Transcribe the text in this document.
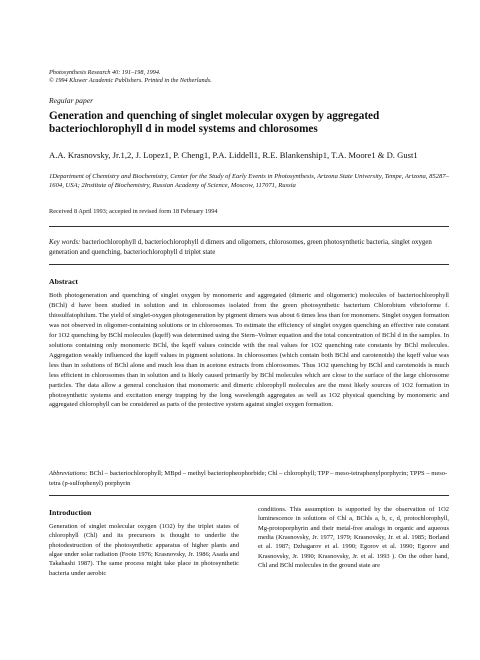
Photosynthesis Research 40: 191–198, 1994.
© 1994 Kluwer Academic Publishers. Printed in the Netherlands.
Regular paper
Generation and quenching of singlet molecular oxygen by aggregated bacteriochlorophyll d in model systems and chlorosomes
A.A. Krasnovsky, Jr.1,2, J. Lopez1, P. Cheng1, P.A. Liddell1, R.E. Blankenship1, T.A. Moore1 & D. Gust1
1Department of Chemistry and Biochemistry, Center for the Study of Early Events in Photosynthesis, Arizona State University, Tempe, Arizona, 85287–1604, USA; 2Institute of Biochemistry, Russian Academy of Science, Moscow, 117071, Russia
Received 8 April 1993; accepted in revised form 18 February 1994
Key words: bacteriochlorophyll d, bacteriochlorophyll d dimers and oligomers, chlorosomes, green photosynthetic bacteria, singlet oxygen generation and quenching, bacteriochlorophyll d triplet state
Abstract
Both photogeneration and quenching of singlet oxygen by monomeric and aggregated (dimeric and oligomeric) molecules of bacteriochlorophyll (BChl) d have been studied in solution and in chlorosomes isolated from the green photosynthetic bacterium Chlorobium vibrioforme f. thiosulfatophilum. The yield of singlet-oxygen photogeneration by pigment dimers was about 6 times less than for monomers. Singlet oxygen formation was not observed in oligomer-containing solutions or in chlorosomes. To estimate the efficiency of singlet oxygen quenching an effective rate constant for 1O2 quenching by BChl molecules (kqeff) was determined using the Stern–Volmer equation and the total concentration of BChl d in the samples. In solutions containing only monomeric BChl, the kqeff values coincide with the real values for 1O2 quenching rate constants by BChl molecules. Aggregation weakly influenced the kqeff values in pigment solutions. In chlorosomes (which contain both BChl and carotenoids) the kqeff value was less than in solutions of BChl alone and much less than in acetone extracts from chlorosomes. Thus 1O2 quenching by BChl and carotenoids is much less efficient in chlorosomes than in solution and is likely caused primarily by BChl molecules which are close to the surface of the large chlorosome particles. The data allow a general conclusion that monomeric and dimeric chlorophyll molecules are the most likely sources of 1O2 formation in photosynthetic systems and excitation energy trapping by the long wavelength aggregates as well as 1O2 physical quenching by monomeric and aggregated chlorophyll can be considered as parts of the protective system against singlet oxygen formation.
Abbreviations: BChl – bacteriochlorophyll; MBpd – methyl bacteriopheophorbide; Chl – chlorophyll; TPP – meso-tetraphenylporphyrin; TPPS – meso-tetra (p-sulfophenyl) porphyrin
Introduction
Generation of singlet molecular oxygen (1O2) by the triplet states of chlorophyll (Chl) and its precursors is thought to underlie the photodestruction of the photosynthetic apparatus of higher plants and algae under solar radiation (Foote 1976; Krasnovsky, Jr. 1986; Asada and Takahashi 1987). The same process might take place in photosynthetic bacteria under aerobic
conditions. This assumption is supported by the observation of 1O2 luminescence in solutions of Chl a, BChls a, b, c, d, protochlorophyll, Mg-protoporphyrin and their metal-free analogs in organic and aqueous media (Krasnovsky, Jr. 1977, 1979; Krasnovsky, Jr. et al. 1985; Borland et al. 1987; Dzhagarov et al. 1990; Egorov et al. 1990; Egorov and Krasnovsky, Jr. 1990; Krasnovsky, Jr. et al. 1993 ). On the other hand, Chl and BChl molecules in the ground state are
